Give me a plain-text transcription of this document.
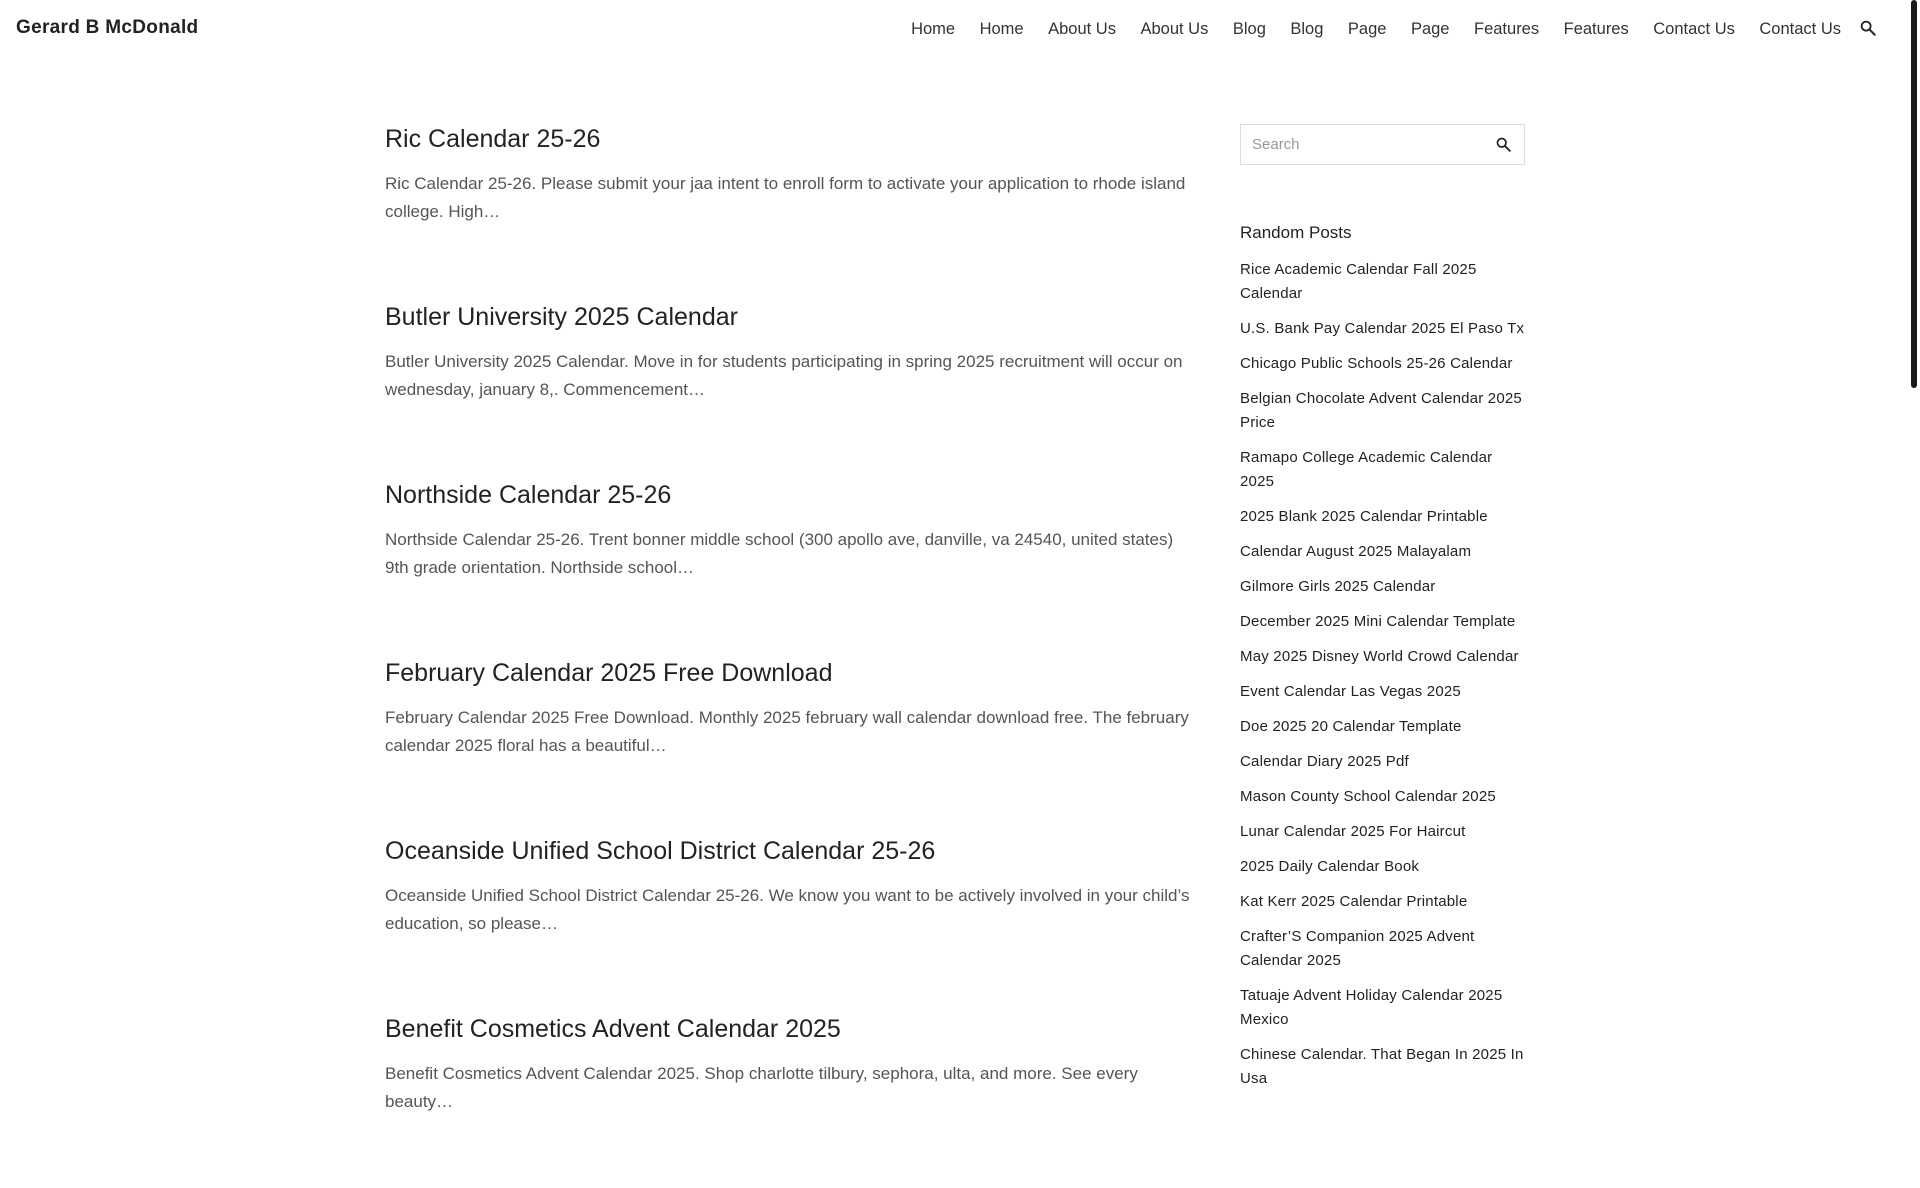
Gerard B McDonald	Home Home About Us About Us Blog Blog Page Page Features Features Contact Us Contact Us
Ric Calendar 25-26

Ric Calendar 25-26. Please submit your jaa intent to enroll form to activate your application to rhode island college. High…

Butler University 2025 Calendar

Butler University 2025 Calendar. Move in for students participating in spring 2025 recruitment will occur on wednesday, january 8,. Commencement…

Northside Calendar 25-26

Northside Calendar 25-26. Trent bonner middle school (300 apollo ave, danville, va 24540, united states) 9th grade orientation. Northside school…

February Calendar 2025 Free Download

February Calendar 2025 Free Download. Monthly 2025 february wall calendar download free. The february calendar 2025 floral has a beautiful…

Oceanside Unified School District Calendar 25-26

Oceanside Unified School District Calendar 25-26. We know you want to be actively involved in your child’s education, so please…

Benefit Cosmetics Advent Calendar 2025

Benefit Cosmetics Advent Calendar 2025. Shop charlotte tilbury, sephora, ulta, and more. See every beauty…

Search
Random Posts
Rice Academic Calendar Fall 2025 Calendar
U.S. Bank Pay Calendar 2025 El Paso Tx
Chicago Public Schools 25-26 Calendar
Belgian Chocolate Advent Calendar 2025 Price
Ramapo College Academic Calendar 2025
2025 Blank 2025 Calendar Printable
Calendar August 2025 Malayalam
Gilmore Girls 2025 Calendar
December 2025 Mini Calendar Template
May 2025 Disney World Crowd Calendar
Event Calendar Las Vegas 2025
Doe 2025 20 Calendar Template
Calendar Diary 2025 Pdf
Mason County School Calendar 2025
Lunar Calendar 2025 For Haircut
2025 Daily Calendar Book
Kat Kerr 2025 Calendar Printable
Crafter’S Companion 2025 Advent Calendar 2025
Tatuaje Advent Holiday Calendar 2025 Mexico
Chinese Calendar. That Began In 2025 In Usa
